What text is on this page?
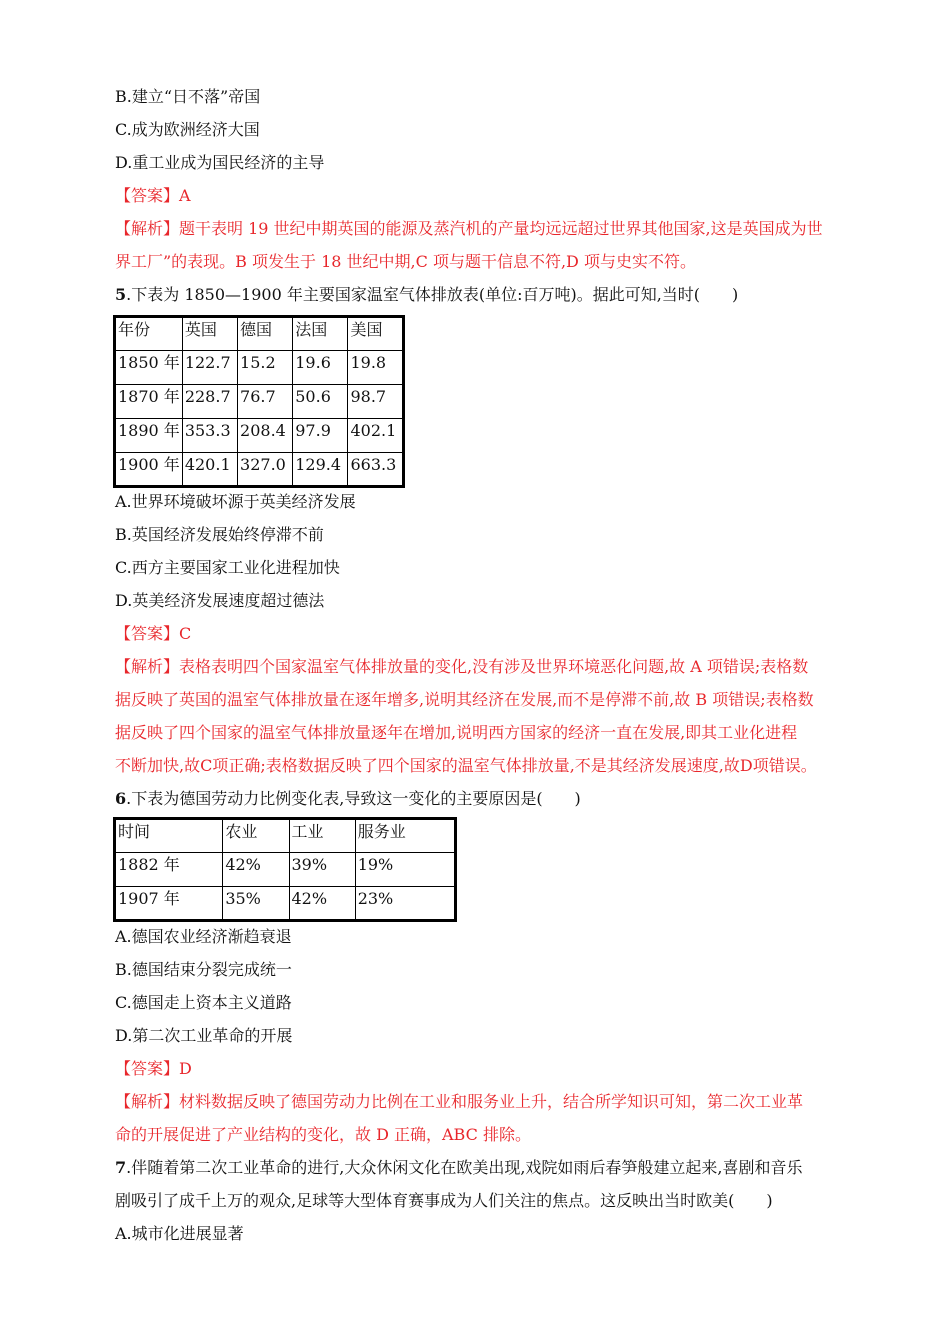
B.建立“日不落”帝国
C.成为欧洲经济大国
D.重工业成为国民经济的主导
【答案】A
【解析】题干表明 19 世纪中期英国的能源及蒸汽机的产量均远远超过世界其他国家,这是英国成为世
界工厂”的表现。B 项发生于 18 世纪中期,C 项与题干信息不符,D 项与史实不符。
5.下表为 1850—1900 年主要国家温室气体排放表(单位:百万吨)。据此可知,当时(　　)
年份	英国	德国	法国	美国
1850 年	122.7	15.2	19.6	19.8
1870 年	228.7	76.7	50.6	98.7
1890 年	353.3	208.4	97.9	402.1
1900 年	420.1	327.0	129.4	663.3
A.世界环境破坏源于英美经济发展
B.英国经济发展始终停滞不前
C.西方主要国家工业化进程加快
D.英美经济发展速度超过德法
【答案】C
【解析】表格表明四个国家温室气体排放量的变化,没有涉及世界环境恶化问题,故 A 项错误;表格数
据反映了英国的温室气体排放量在逐年增多,说明其经济在发展,而不是停滞不前,故 B 项错误;表格数
据反映了四个国家的温室气体排放量逐年在增加,说明西方国家的经济一直在发展,即其工业化进程
不断加快,故C项正确;表格数据反映了四个国家的温室气体排放量,不是其经济发展速度,故D项错误。
6.下表为德国劳动力比例变化表,导致这一变化的主要原因是(　　)
时间	农业	工业	服务业
1882 年	42%	39%	19%
1907 年	35%	42%	23%
A.德国农业经济渐趋衰退
B.德国结束分裂完成统一
C.德国走上资本主义道路
D.第二次工业革命的开展
【答案】D
【解析】材料数据反映了德国劳动力比例在工业和服务业上升，结合所学知识可知，第二次工业革
命的开展促进了产业结构的变化，故 D 正确，ABC 排除。
7.伴随着第二次工业革命的进行,大众休闲文化在欧美出现,戏院如雨后春笋般建立起来,喜剧和音乐
剧吸引了成千上万的观众,足球等大型体育赛事成为人们关注的焦点。这反映出当时欧美(　　)
A.城市化进展显著
